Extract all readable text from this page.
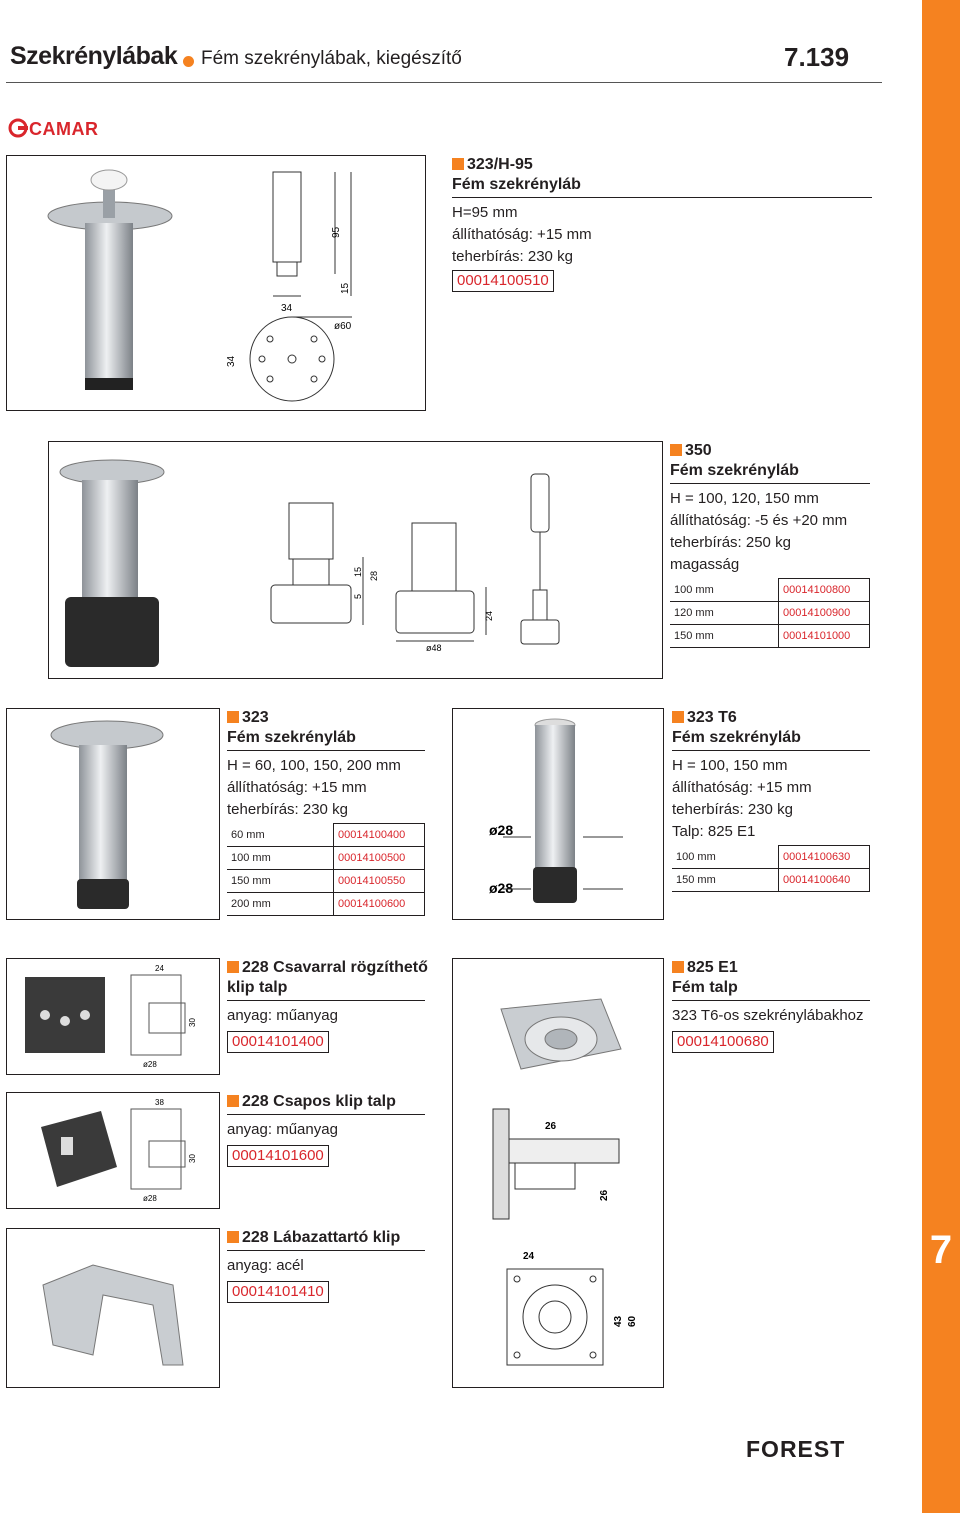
7
Szekrénylábak Fém szekrénylábak, kiegészítő	7.139
CAMAR
95
15
34
ø60
34
323/H-95
Fém szekrényláb
H=95 mm
állíthatóság: +15 mm
teherbírás: 230 kg
00014100510
15 28
5
24
ø48
350
Fém szekrényláb
H = 100, 120, 150 mm
állíthatóság: -5 és +20 mm
teherbírás: 250 kg
magasság
100 mm	00014100800
120 mm	00014100900
150 mm	00014101000
323
Fém szekrényláb
H = 60, 100, 150, 200 mm
állíthatóság: +15 mm
teherbírás: 230 kg
60 mm	00014100400
100 mm	00014100500
150 mm	00014100550
200 mm	00014100600
ø28
ø28
323 T6
Fém szekrényláb
H = 100, 150 mm
állíthatóság: +15 mm
teherbírás: 230 kg
Talp: 825 E1
100 mm	00014100630
150 mm	00014100640
24
30
ø28
228 Csavarral rögzíthető
klip talp
anyag: műanyag
00014101400
26
26
24
43 60
825 E1
Fém talp
323 T6-os szekrénylábakhoz
00014100680
38
30
ø28
228 Csapos klip talp
anyag: műanyag
00014101600
228 Lábazattartó klip
anyag: acél
00014101410
FOREST
